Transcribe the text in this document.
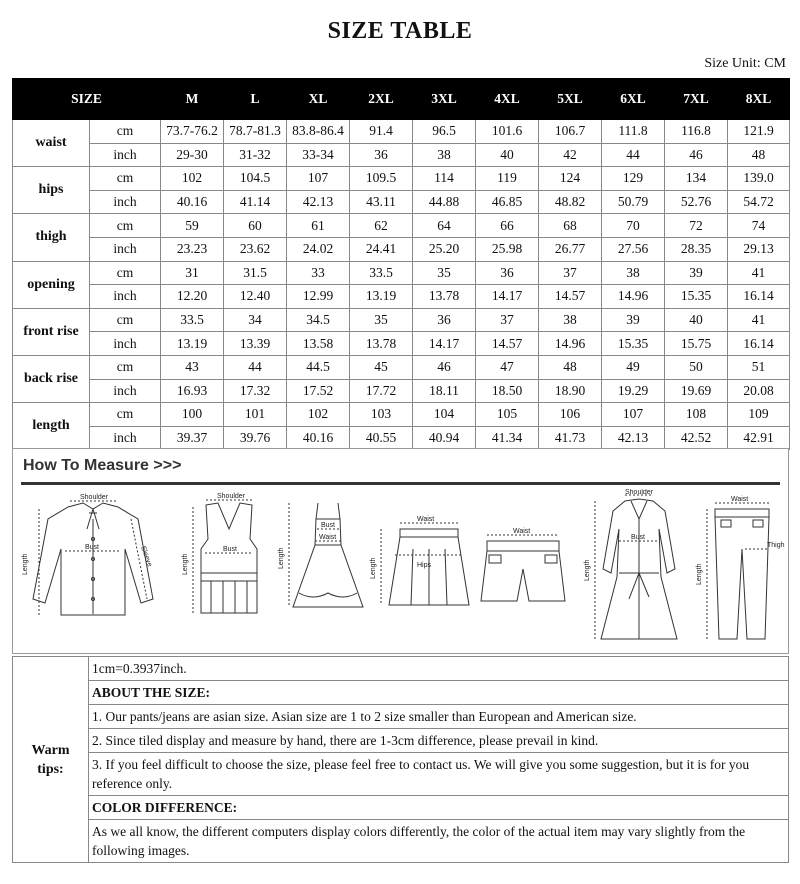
SIZE TABLE
Size Unit: CM
SIZE		M	L	XL	2XL	3XL	4XL	5XL	6XL	7XL	8XL
waist	cm	73.7-76.2	78.7-81.3	83.8-86.4	91.4	96.5	101.6	106.7	111.8	116.8	121.9
	inch	29-30	31-32	33-34	36	38	40	42	44	46	48
hips	cm	102	104.5	107	109.5	114	119	124	129	134	139.0
	inch	40.16	41.14	42.13	43.11	44.88	46.85	48.82	50.79	52.76	54.72
thigh	cm	59	60	61	62	64	66	68	70	72	74
	inch	23.23	23.62	24.02	24.41	25.20	25.98	26.77	27.56	28.35	29.13
opening	cm	31	31.5	33	33.5	35	36	37	38	39	41
	inch	12.20	12.40	12.99	13.19	13.78	14.17	14.57	14.96	15.35	16.14
front rise	cm	33.5	34	34.5	35	36	37	38	39	40	41
	inch	13.19	13.39	13.58	13.78	14.17	14.57	14.96	15.35	15.75	16.14
back rise	cm	43	44	44.5	45	46	47	48	49	50	51
	inch	16.93	17.32	17.52	17.72	18.11	18.50	18.90	19.29	19.69	20.08
length	cm	100	101	102	103	104	105	106	107	108	109
	inch	39.37	39.76	40.16	40.55	40.94	41.34	41.73	42.13	42.52	42.91
How To Measure >>>
Shoulder
Bust
Length	Sleeve
Shoulder
Bust
Length
Bust
Waist
Length
Waist
Hips
Length
Waist
Shoulder
Bust
Length
Waist
Thigh
Length
Warm
tips:	1cm=0.3937inch.
ABOUT THE SIZE:
1. Our pants/jeans are asian size. Asian size are 1 to 2 size smaller than European and American size.
2. Since tiled display and measure by hand, there are 1-3cm difference, please prevail in kind.
3. If you feel difficult to choose the size, please feel free to contact us. We will give you some suggestion, but it is for you reference only.
COLOR DIFFERENCE:
As we all know, the different computers display colors differently, the color of the actual item may vary slightly from the following images.
